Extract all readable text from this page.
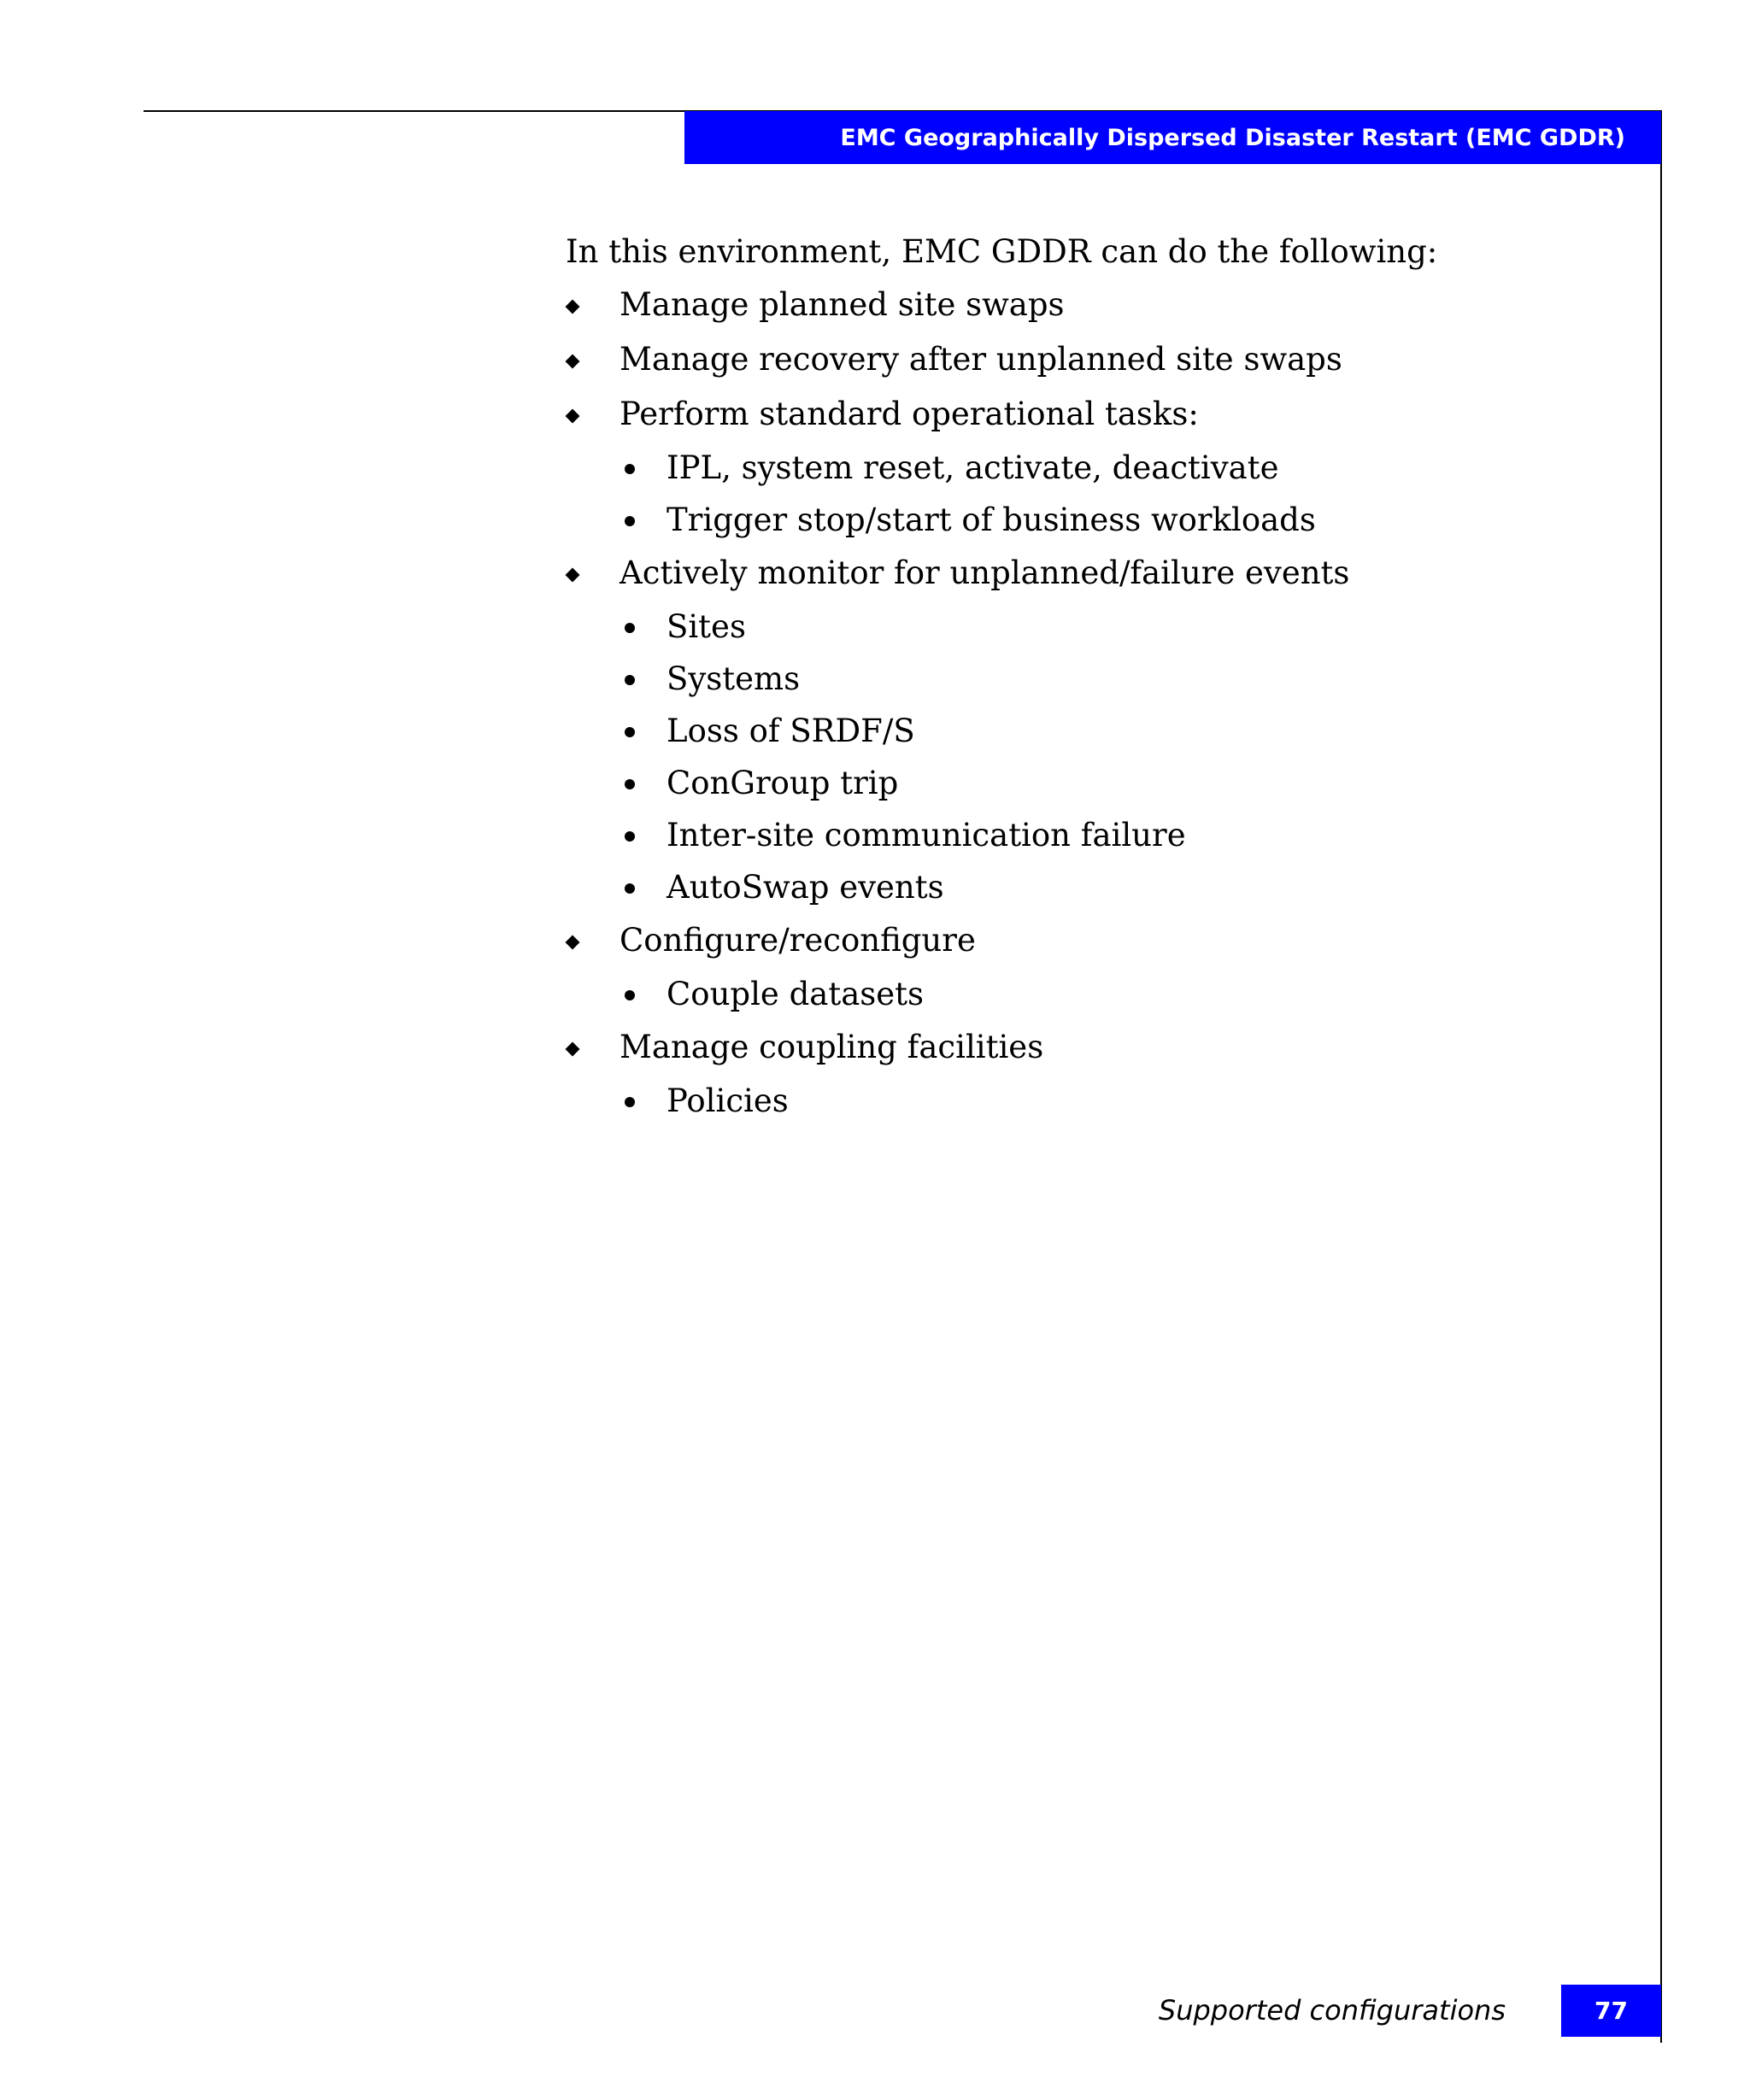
EMC Geographically Dispersed Disaster Restart (EMC GDDR)

In this environment, EMC GDDR can do the following:

Manage planned site swaps
Manage recovery after unplanned site swaps
Perform standard operational tasks:
IPL, system reset, activate, deactivate
Trigger stop/start of business workloads
Actively monitor for unplanned/failure events
Sites
Systems
Loss of SRDF/S
ConGroup trip
Inter-site communication failure
AutoSwap events
Configure/reconfigure
Couple datasets
Manage coupling facilities
Policies
Supported configurations	77
